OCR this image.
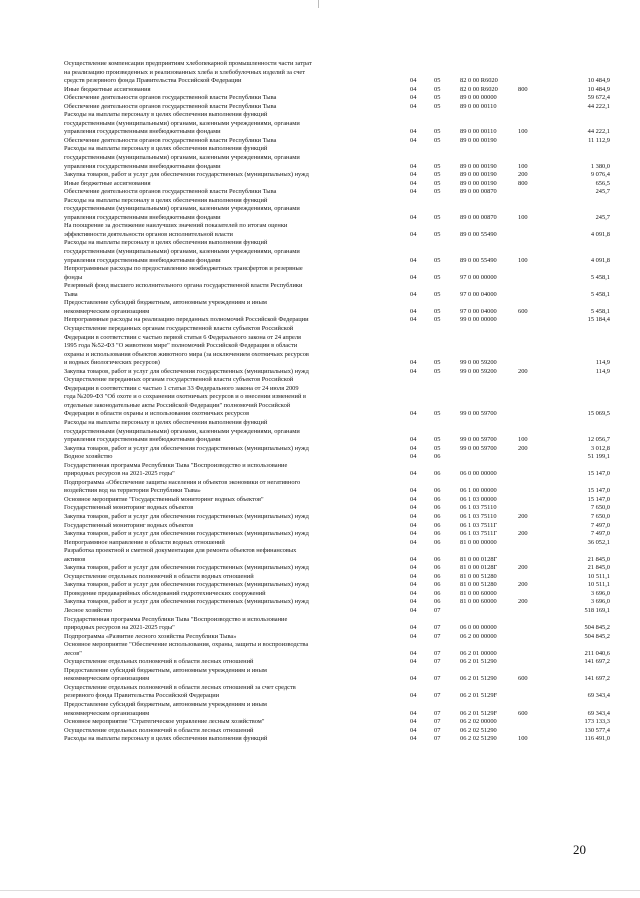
Осуществление компенсации предприятиям хлебопекарной промышленности части затрат
на реализацию произведенных и реализованных хлеба и хлебобулочных изделий за счет
средств резервного фонда Правительства Российской Федерации	04	05	82 0 00 R6020	10 484,9
Иные бюджетные ассигнования	04	05	82 0 00 R6020	800	10 484,9
Обеспечение деятельности органов государственной власти Республики Тыва	04	05	89 0 00 00000	59 672,4
Обеспечение деятельности органов государственной власти Республики Тыва	04	05	89 0 00 00110	44 222,1
Расходы на выплаты персоналу в целях обеспечения выполнения функций
государственными (муниципальными) органами, казенными учреждениями, органами
управления государственными внебюджетными фондами	04	05	89 0 00 00110	100	44 222,1
Обеспечение деятельности органов государственной власти Республики Тыва	04	05	89 0 00 00190	11 112,9
Расходы на выплаты персоналу в целях обеспечения выполнения функций
государственными (муниципальными) органами, казенными учреждениями, органами
управления государственными внебюджетными фондами	04	05	89 0 00 00190	100	1 380,0
Закупка товаров, работ и услуг для обеспечения государственных (муниципальных) нужд	04	05	89 0 00 00190	200	9 076,4
Иные бюджетные ассигнования	04	05	89 0 00 00190	800	656,5
Обеспечение деятельности органов государственной власти Республики Тыва	04	05	89 0 00 00870	245,7
Расходы на выплаты персоналу в целях обеспечения выполнения функций
государственными (муниципальными) органами, казенными учреждениями, органами
управления государственными внебюджетными фондами	04	05	89 0 00 00870	100	245,7
На поощрение за достижение наилучших значений показателей по итогам оценки
эффективности деятельности органов исполнительной власти	04	05	89 0 00 55490	4 091,8
Расходы на выплаты персоналу в целях обеспечения выполнения функций
государственными (муниципальными) органами, казенными учреждениями, органами
управления государственными внебюджетными фондами	04	05	89 0 00 55490	100	4 091,8
Непрограммные расходы по предоставлению межбюджетных трансфертов и резервные
фонды	04	05	97 0 00 00000	5 458,1
Резервный фонд высшего исполнительного органа государственной власти Республики
Тыва	04	05	97 0 00 04000	5 458,1
Предоставление субсидий бюджетным, автономным учреждениям и иным
некоммерческим организациям	04	05	97 0 00 04000	600	5 458,1
Непрограммные расходы на реализацию переданных полномочий Российской Федерации	04	05	99 0 00 00000	15 184,4
Осуществление переданных органам государственной власти субъектов Российской
Федерации в соответствии с частью первой статьи 6 Федерального закона от 24 апреля
1995 года №52-ФЗ "О животном мире" полномочий Российской Федерации в области
охраны и использования объектов животного мира (за исключением охотничьих ресурсов
и водных биологических ресурсов)	04	05	99 0 00 59200	114,9
Закупка товаров, работ и услуг для обеспечения государственных (муниципальных) нужд	04	05	99 0 00 59200	200	114,9
Осуществление переданных органам государственной власти субъектов Российской
Федерации в соответствии с частью 1 статьи 33 Федерального закона от 24 июля 2009
года №209-ФЗ "Об охоте и о сохранении охотничьих ресурсов и о внесении изменений в
отдельные законодательные акты Российской Федерации" полномочий Российской
Федерации в области охраны и использования охотничьих ресурсов	04	05	99 0 00 59700	15 069,5
Расходы на выплаты персоналу в целях обеспечения выполнения функций
государственными (муниципальными) органами, казенными учреждениями, органами
управления государственными внебюджетными фондами	04	05	99 0 00 59700	100	12 056,7
Закупка товаров, работ и услуг для обеспечения государственных (муниципальных) нужд	04	05	99 0 00 59700	200	3 012,8
Водное хозяйство	04	06	51 199,1
Государственная программа Республики Тыва "Воспроизводство и использование
природных ресурсов на 2021-2025 годы"	04	06	06 0 00 00000	15 147,0
Подпрограмма «Обеспечение защиты населения и объектов экономики от негативного
воздействия вод на территории Республики Тыва»	04	06	06 1 00 00000	15 147,0
Основное мероприятие "Государственный мониторинг водных объектов"	04	06	06 1 03 00000	15 147,0
Государственный мониторинг водных объектов	04	06	06 1 03 75110	7 650,0
Закупка товаров, работ и услуг для обеспечения государственных (муниципальных) нужд	04	06	06 1 03 75110	200	7 650,0
Государственный мониторинг водных объектов	04	06	06 1 03 7511Г	7 497,0
Закупка товаров, работ и услуг для обеспечения государственных (муниципальных) нужд	04	06	06 1 03 7511Г	200	7 497,0
Непрограммное направление в области водных отношений	04	06	81 0 00 00000	36 052,1
Разработка проектной и сметной документации для ремонта объектов нефинансовых
активов	04	06	81 0 00 0128Г	21 845,0
Закупка товаров, работ и услуг для обеспечения государственных (муниципальных) нужд	04	06	81 0 00 0128Г	200	21 845,0
Осуществление отдельных полномочий в области водных отношений	04	06	81 0 00 51280	10 511,1
Закупка товаров, работ и услуг для обеспечения государственных (муниципальных) нужд	04	06	81 0 00 51280	200	10 511,1
Проведение предаварийных обследований гидротехнических сооружений	04	06	81 0 00 60000	3 696,0
Закупка товаров, работ и услуг для обеспечения государственных (муниципальных) нужд	04	06	81 0 00 60000	200	3 696,0
Лесное хозяйство	04	07	518 169,1
Государственная программа Республики Тыва "Воспроизводство и использование
природных ресурсов на 2021-2025 годы"	04	07	06 0 00 00000	504 845,2
Подпрограмма «Развитие лесного хозяйства Республики Тыва»	04	07	06 2 00 00000	504 845,2
Основное мероприятие "Обеспечение использования, охраны, защиты и воспроизводства
лесов"	04	07	06 2 01 00000	211 040,6
Осуществление отдельных полномочий в области лесных отношений	04	07	06 2 01 51290	141 697,2
Предоставление субсидий бюджетным, автономным учреждениям и иным
некоммерческим организациям	04	07	06 2 01 51290	600	141 697,2
Осуществление отдельных полномочий в области лесных отношений за счет средств
резервного фонда Правительства Российской Федерации	04	07	06 2 01 5129F	69 343,4
Предоставление субсидий бюджетным, автономным учреждениям и иным
некоммерческим организациям	04	07	06 2 01 5129F	600	69 343,4
Основное мероприятие "Стратегическое управление лесным хозяйством"	04	07	06 2 02 00000	173 133,3
Осуществление отдельных полномочий в области лесных отношений	04	07	06 2 02 51290	130 577,4
Расходы на выплаты персоналу в целях обеспечения выполнения функций	04	07	06 2 02 51290	100	116 491,0
20
